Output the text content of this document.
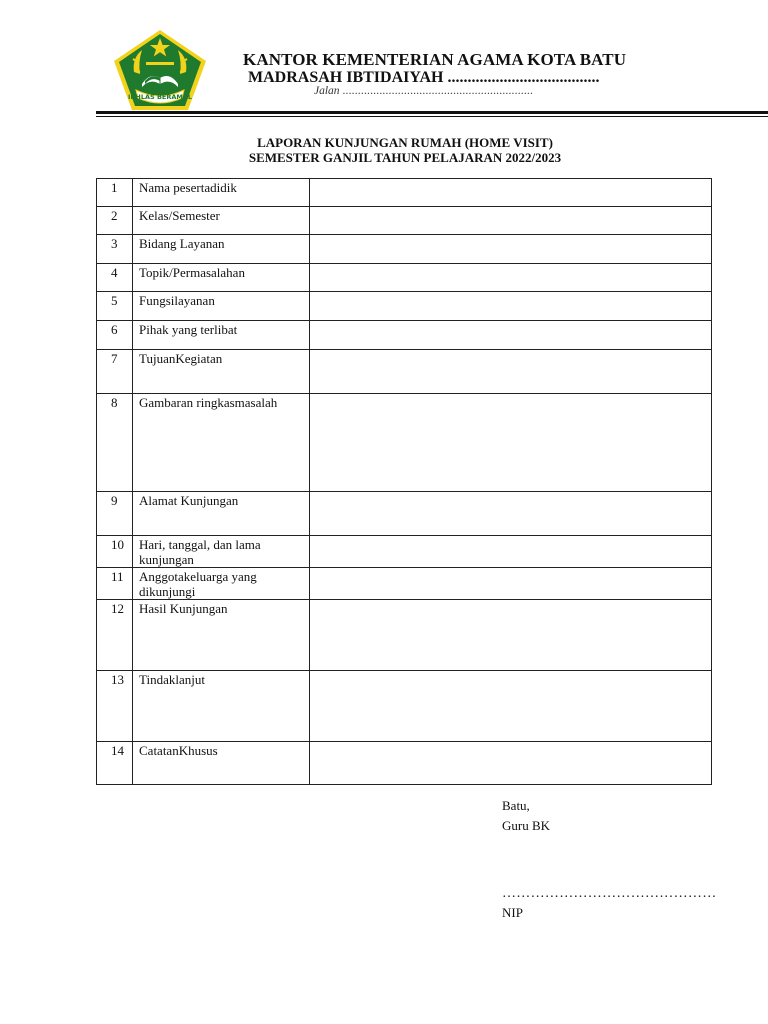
IKHLAS BERAMAL
KANTOR KEMENTERIAN AGAMA KOTA BATU
MADRASAH IBTIDAIYAH ......................................
Jalan ..............................................................
LAPORAN KUNJUNGAN RUMAH (HOME VISIT)
SEMESTER GANJIL TAHUN PELAJARAN 2022/2023
1	Nama pesertadidik	
2	Kelas/Semester	
3	Bidang Layanan	
4	Topik/Permasalahan	
5	Fungsilayanan	
6	Pihak yang terlibat	
7	TujuanKegiatan	
8	Gambaran ringkasmasalah	
9	Alamat Kunjungan	
10	Hari, tanggal, dan lama kunjungan	
11	Anggotakeluarga yang dikunjungi	
12	Hasil Kunjungan	
13	Tindaklanjut	
14	CatatanKhusus	
Batu,
Guru BK
………………………………………
NIP
